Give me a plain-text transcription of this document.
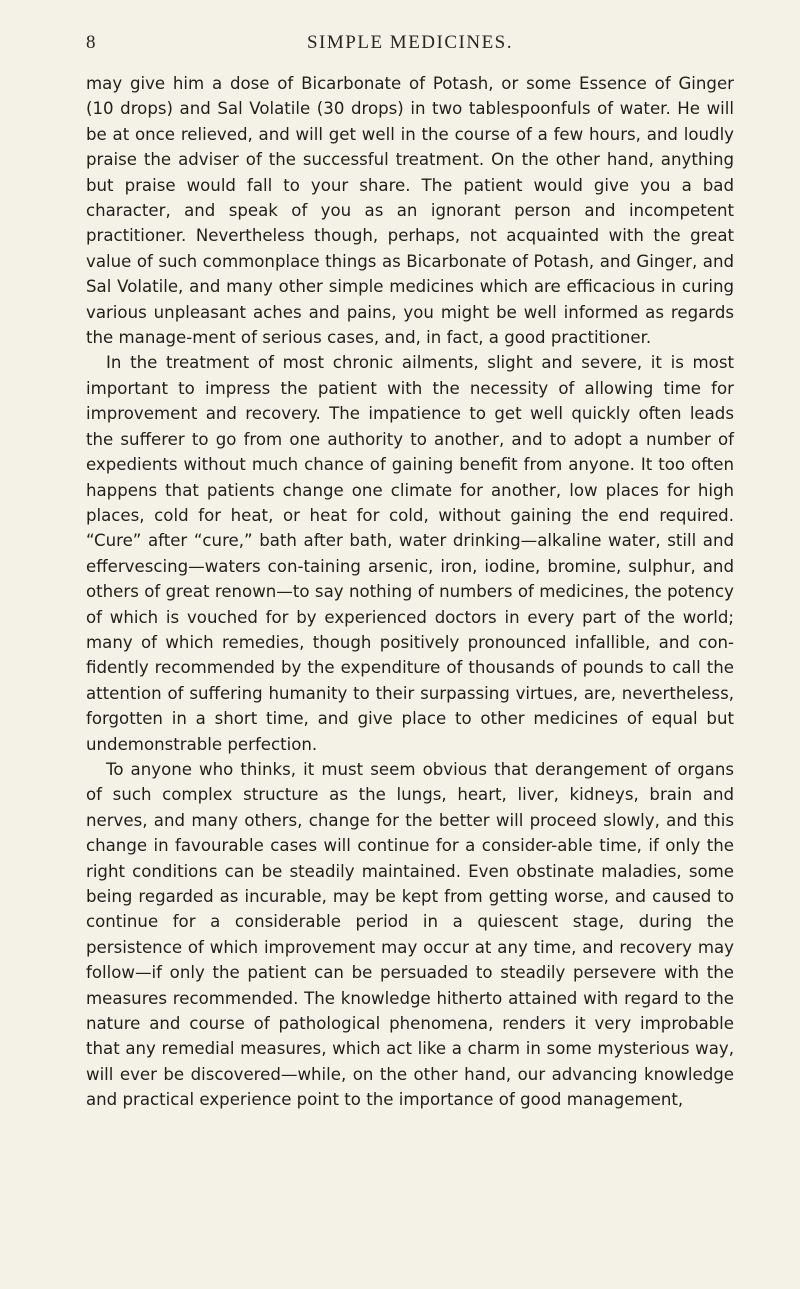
8	SIMPLE MEDICINES.

may give him a dose of Bicarbonate of Potash, or some Essence of Ginger (10 drops) and Sal Volatile (30 drops) in two tablespoonfuls of water. He will be at once relieved, and will get well in the course of a few hours, and loudly praise the adviser of the successful treatment. On the other hand, anything but praise would fall to your share. The patient would give you a bad character, and speak of you as an ignorant person and incompetent practitioner. Nevertheless though, perhaps, not acquainted with the great value of such commonplace things as Bicarbonate of Potash, and Ginger, and Sal Volatile, and many other simple medicines which are efficacious in curing various unpleasant aches and pains, you might be well informed as regards the manage-ment of serious cases, and, in fact, a good practitioner.

In the treatment of most chronic ailments, slight and severe, it is most important to impress the patient with the necessity of allowing time for improvement and recovery. The impatience to get well quickly often leads the sufferer to go from one authority to another, and to adopt a number of expedients without much chance of gaining benefit from anyone. It too often happens that patients change one climate for another, low places for high places, cold for heat, or heat for cold, without gaining the end required. “Cure” after “cure,” bath after bath, water drinking—alkaline water, still and effervescing—waters con-taining arsenic, iron, iodine, bromine, sulphur, and others of great renown—to say nothing of numbers of medicines, the potency of which is vouched for by experienced doctors in every part of the world; many of which remedies, though positively pronounced infallible, and con-fidently recommended by the expenditure of thousands of pounds to call the attention of suffering humanity to their surpassing virtues, are, nevertheless, forgotten in a short time, and give place to other medicines of equal but undemonstrable perfection.

To anyone who thinks, it must seem obvious that derangement of organs of such complex structure as the lungs, heart, liver, kidneys, brain and nerves, and many others, change for the better will proceed slowly, and this change in favourable cases will continue for a consider-able time, if only the right conditions can be steadily maintained. Even obstinate maladies, some being regarded as incurable, may be kept from getting worse, and caused to continue for a considerable period in a quiescent stage, during the persistence of which improvement may occur at any time, and recovery may follow—if only the patient can be persuaded to steadily persevere with the measures recommended. The knowledge hitherto attained with regard to the nature and course of pathological phenomena, renders it very improbable that any remedial measures, which act like a charm in some mysterious way, will ever be discovered—while, on the other hand, our advancing knowledge and practical experience point to the importance of good management,
